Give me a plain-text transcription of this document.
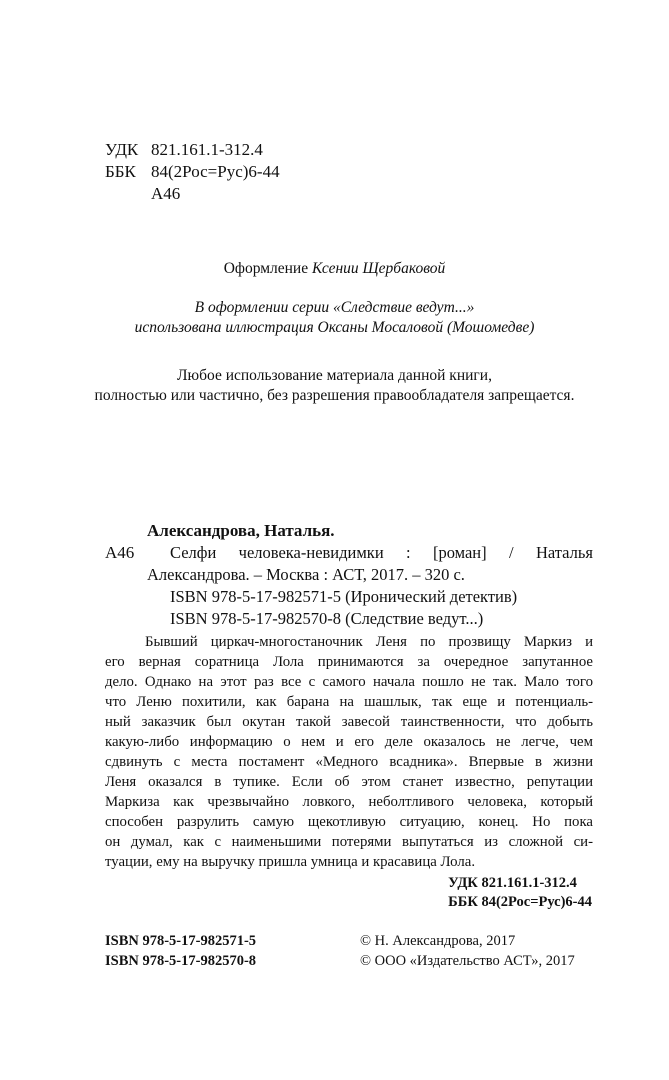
УДК 821.161.1-312.4
ББК 84(2Рос=Рус)6-44
А46
Оформление Ксении Щербаковой
В оформлении серии «Следствие ведут...»
использована иллюстрация Оксаны Мосаловой (Мошомедве)
Любое использование материала данной книги,
полностью или частично, без разрешения правообладателя запрещается.
Александрова, Наталья.
А46 Селфи человека-невидимки : [роман] / Наталья
Александрова. – Москва : АСТ, 2017. – 320 с.
ISBN 978-5-17-982571-5 (Иронический детектив)
ISBN 978-5-17-982570-8 (Следствие ведут...)
Бывший циркач-многостаночник Леня по прозвищу Маркиз и
его верная соратница Лола принимаются за очередное запутанное
дело. Однако на этот раз все с самого начала пошло не так. Мало того
что Леню похитили, как барана на шашлык, так еще и потенциаль-
ный заказчик был окутан такой завесой таинственности, что добыть
какую-либо информацию о нем и его деле оказалось не легче, чем
сдвинуть с места постамент «Медного всадника». Впервые в жизни
Леня оказался в тупике. Если об этом станет известно, репутации
Маркиза как чрезвычайно ловкого, неболтливого человека, который
способен разрулить самую щекотливую ситуацию, конец. Но пока
он думал, как с наименьшими потерями выпутаться из сложной си-
туации, ему на выручку пришла умница и красавица Лола.
УДК 821.161.1-312.4
ББК 84(2Рос=Рус)6-44
ISBN 978-5-17-982571-5
ISBN 978-5-17-982570-8
© Н. Александрова, 2017
© ООО «Издательство АСТ», 2017
